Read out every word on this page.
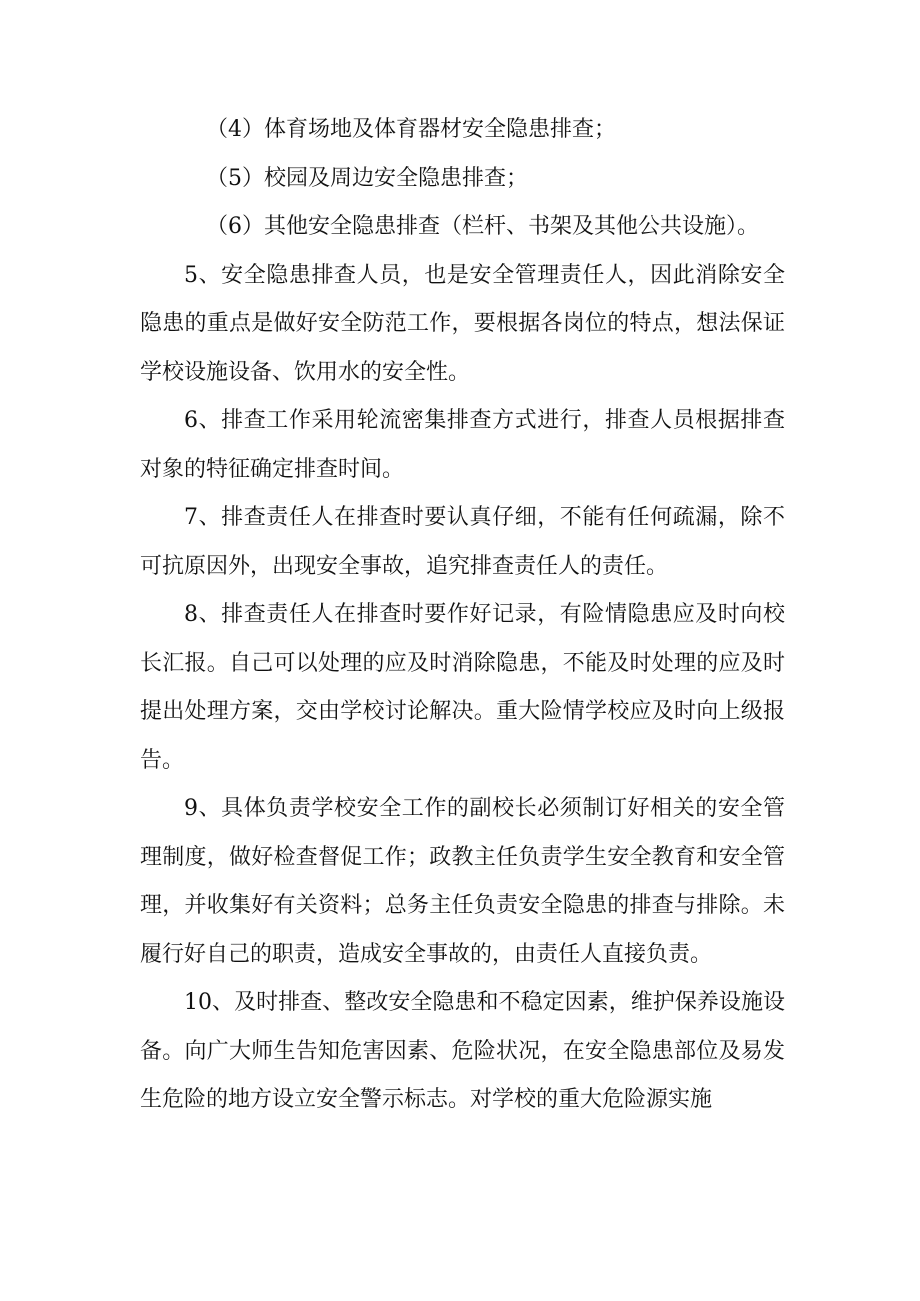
（4）体育场地及体育器材安全隐患排查；

（5）校园及周边安全隐患排查；

（6）其他安全隐患排查（栏杆、书架及其他公共设施）。

5、安全隐患排查人员，也是安全管理责任人，因此消除安全隐患的重点是做好安全防范工作，要根据各岗位的特点，想法保证学校设施设备、饮用水的安全性。

6、排查工作采用轮流密集排查方式进行，排查人员根据排查对象的特征确定排查时间。

7、排查责任人在排查时要认真仔细，不能有任何疏漏，除不可抗原因外，出现安全事故，追究排查责任人的责任。

8、排查责任人在排查时要作好记录，有险情隐患应及时向校长汇报。自己可以处理的应及时消除隐患，不能及时处理的应及时提出处理方案，交由学校讨论解决。重大险情学校应及时向上级报告。

9、具体负责学校安全工作的副校长必须制订好相关的安全管理制度，做好检查督促工作；政教主任负责学生安全教育和安全管理，并收集好有关资料；总务主任负责安全隐患的排查与排除。未履行好自己的职责，造成安全事故的，由责任人直接负责。

10、及时排查、整改安全隐患和不稳定因素，维护保养设施设备。向广大师生告知危害因素、危险状况，在安全隐患部位及易发生危险的地方设立安全警示标志。对学校的重大危险源实施
